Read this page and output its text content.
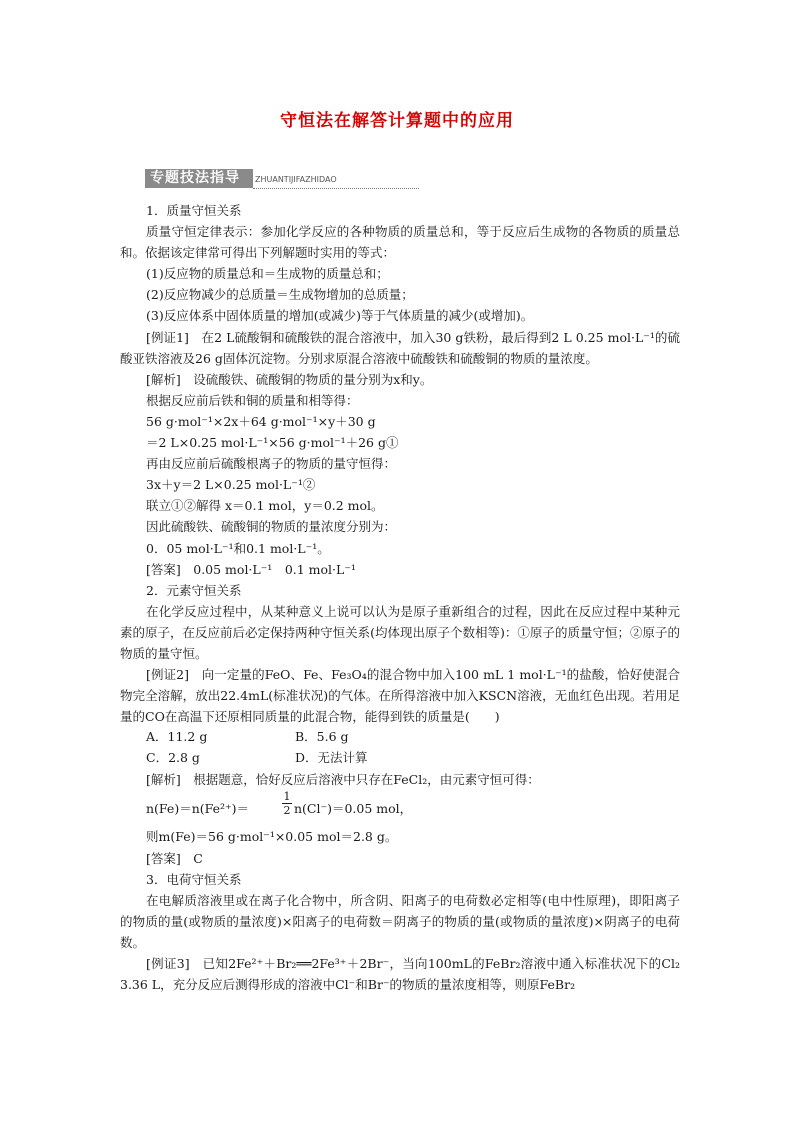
守恒法在解答计算题中的应用
专题技法指导	ZHUANTIJIFAZHIDAO

1．质量守恒关系

质量守恒定律表示：参加化学反应的各种物质的质量总和，等于反应后生成物的各物质的质量总和。依据该定律常可得出下列解题时实用的等式：

(1)反应物的质量总和＝生成物的质量总和；

(2)反应物减少的总质量＝生成物增加的总质量；

(3)反应体系中固体质量的增加(或减少)等于气体质量的减少(或增加)。

[例证1]　在2 L硫酸铜和硫酸铁的混合溶液中，加入30 g铁粉，最后得到2 L 0.25 mol·L⁻¹的硫酸亚铁溶液及26 g固体沉淀物。分别求原混合溶液中硫酸铁和硫酸铜的物质的量浓度。

[解析]　设硫酸铁、硫酸铜的物质的量分别为x和y。

根据反应前后铁和铜的质量和相等得：

56 g·mol⁻¹×2x＋64 g·mol⁻¹×y＋30 g

＝2 L×0.25 mol·L⁻¹×56 g·mol⁻¹＋26 g①

再由反应前后硫酸根离子的物质的量守恒得：

3x＋y＝2 L×0.25 mol·L⁻¹②

联立①②解得 x＝0.1 mol，y＝0.2 mol。

因此硫酸铁、硫酸铜的物质的量浓度分别为：

0．05 mol·L⁻¹和0.1 mol·L⁻¹。

[答案]　0.05 mol·L⁻¹　0.1 mol·L⁻¹

2．元素守恒关系

在化学反应过程中，从某种意义上说可以认为是原子重新组合的过程，因此在反应过程中某种元素的原子，在反应前后必定保持两种守恒关系(均体现出原子个数相等)：①原子的质量守恒；②原子的物质的量守恒。

[例证2]　向一定量的FeO、Fe、Fe₃O₄的混合物中加入100 mL 1 mol·L⁻¹的盐酸，恰好使混合物完全溶解，放出22.4mL(标准状况)的气体。在所得溶液中加入KSCN溶液，无血红色出现。若用足量的CO在高温下还原相同质量的此混合物，能得到铁的质量是(　　)

A．11.2 g	B．5.6 g
C．2.8 g	D．无法计算

[解析]　根据题意，恰好反应后溶液中只存在FeCl₂，由元素守恒可得：

n(Fe)＝n(Fe²⁺)＝	$\frac{1}{2} n(Cl^-)=0.05$ mol，

则m(Fe)＝56 g·mol⁻¹×0.05 mol＝2.8 g。

[答案]　C

3．电荷守恒关系

在电解质溶液里或在离子化合物中，所含阴、阳离子的电荷数必定相等(电中性原理)，即阳离子的物质的量(或物质的量浓度)×阳离子的电荷数＝阴离子的物质的量(或物质的量浓度)×阴离子的电荷数。

[例证3]　已知2Fe²⁺＋Br₂══2Fe³⁺＋2Br⁻，当向100mL的FeBr₂溶液中通入标准状况下的Cl₂ 3.36 L，充分反应后测得形成的溶液中Cl⁻和Br⁻的物质的量浓度相等，则原FeBr₂
